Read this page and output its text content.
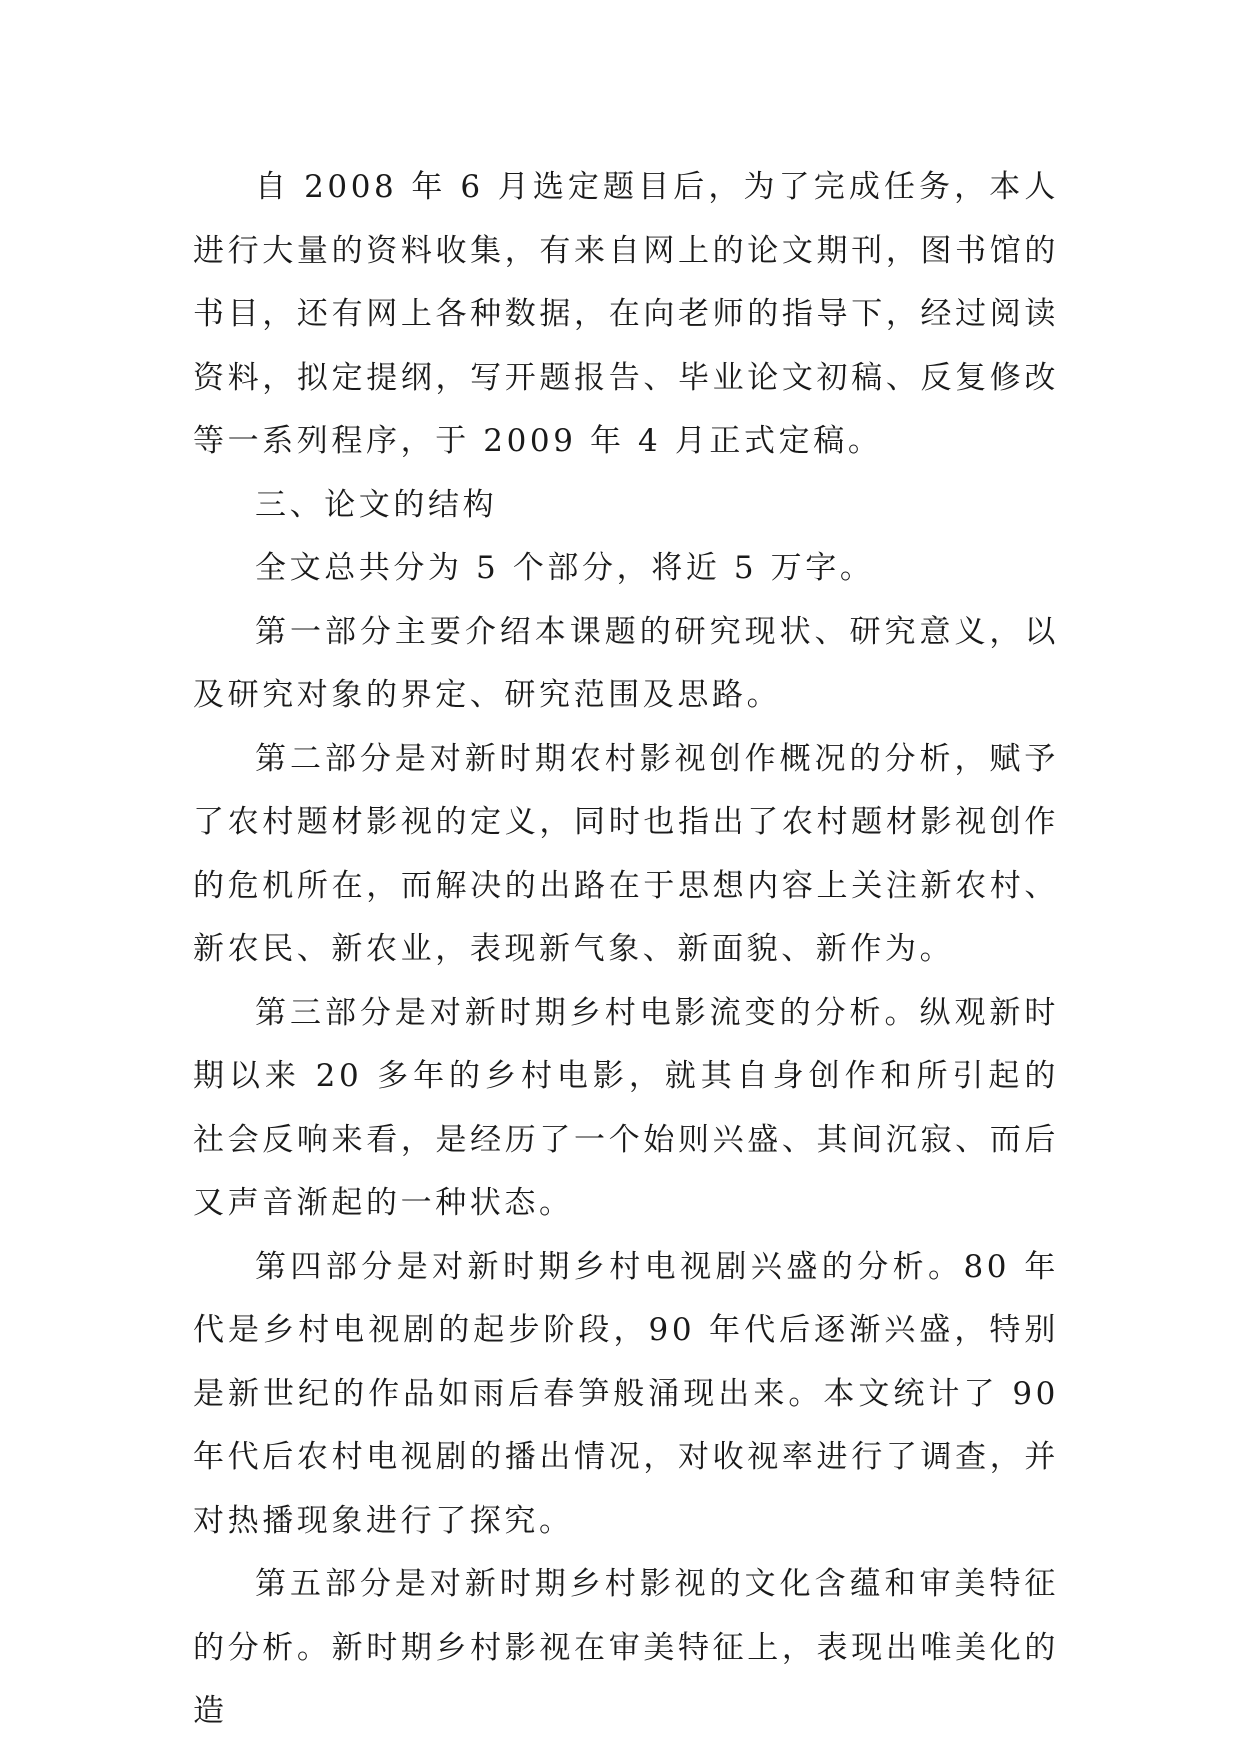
自 2008 年 6 月选定题目后，为了完成任务，本人进行大量的资料收集，有来自网上的论文期刊，图书馆的书目，还有网上各种数据，在向老师的指导下，经过阅读资料，拟定提纲，写开题报告、毕业论文初稿、反复修改等一系列程序，于 2009 年 4 月正式定稿。

三、论文的结构

全文总共分为 5 个部分，将近 5 万字。

第一部分主要介绍本课题的研究现状、研究意义，以及研究对象的界定、研究范围及思路。

第二部分是对新时期农村影视创作概况的分析，赋予了农村题材影视的定义，同时也指出了农村题材影视创作的危机所在，而解决的出路在于思想内容上关注新农村、新农民、新农业，表现新气象、新面貌、新作为。

第三部分是对新时期乡村电影流变的分析。纵观新时期以来 20 多年的乡村电影，就其自身创作和所引起的社会反响来看，是经历了一个始则兴盛、其间沉寂、而后又声音渐起的一种状态。

第四部分是对新时期乡村电视剧兴盛的分析。80 年代是乡村电视剧的起步阶段，90 年代后逐渐兴盛，特别是新世纪的作品如雨后春笋般涌现出来。本文统计了 90 年代后农村电视剧的播出情况，对收视率进行了调查，并对热播现象进行了探究。

第五部分是对新时期乡村影视的文化含蕴和审美特征的分析。新时期乡村影视在审美特征上，表现出唯美化的造
